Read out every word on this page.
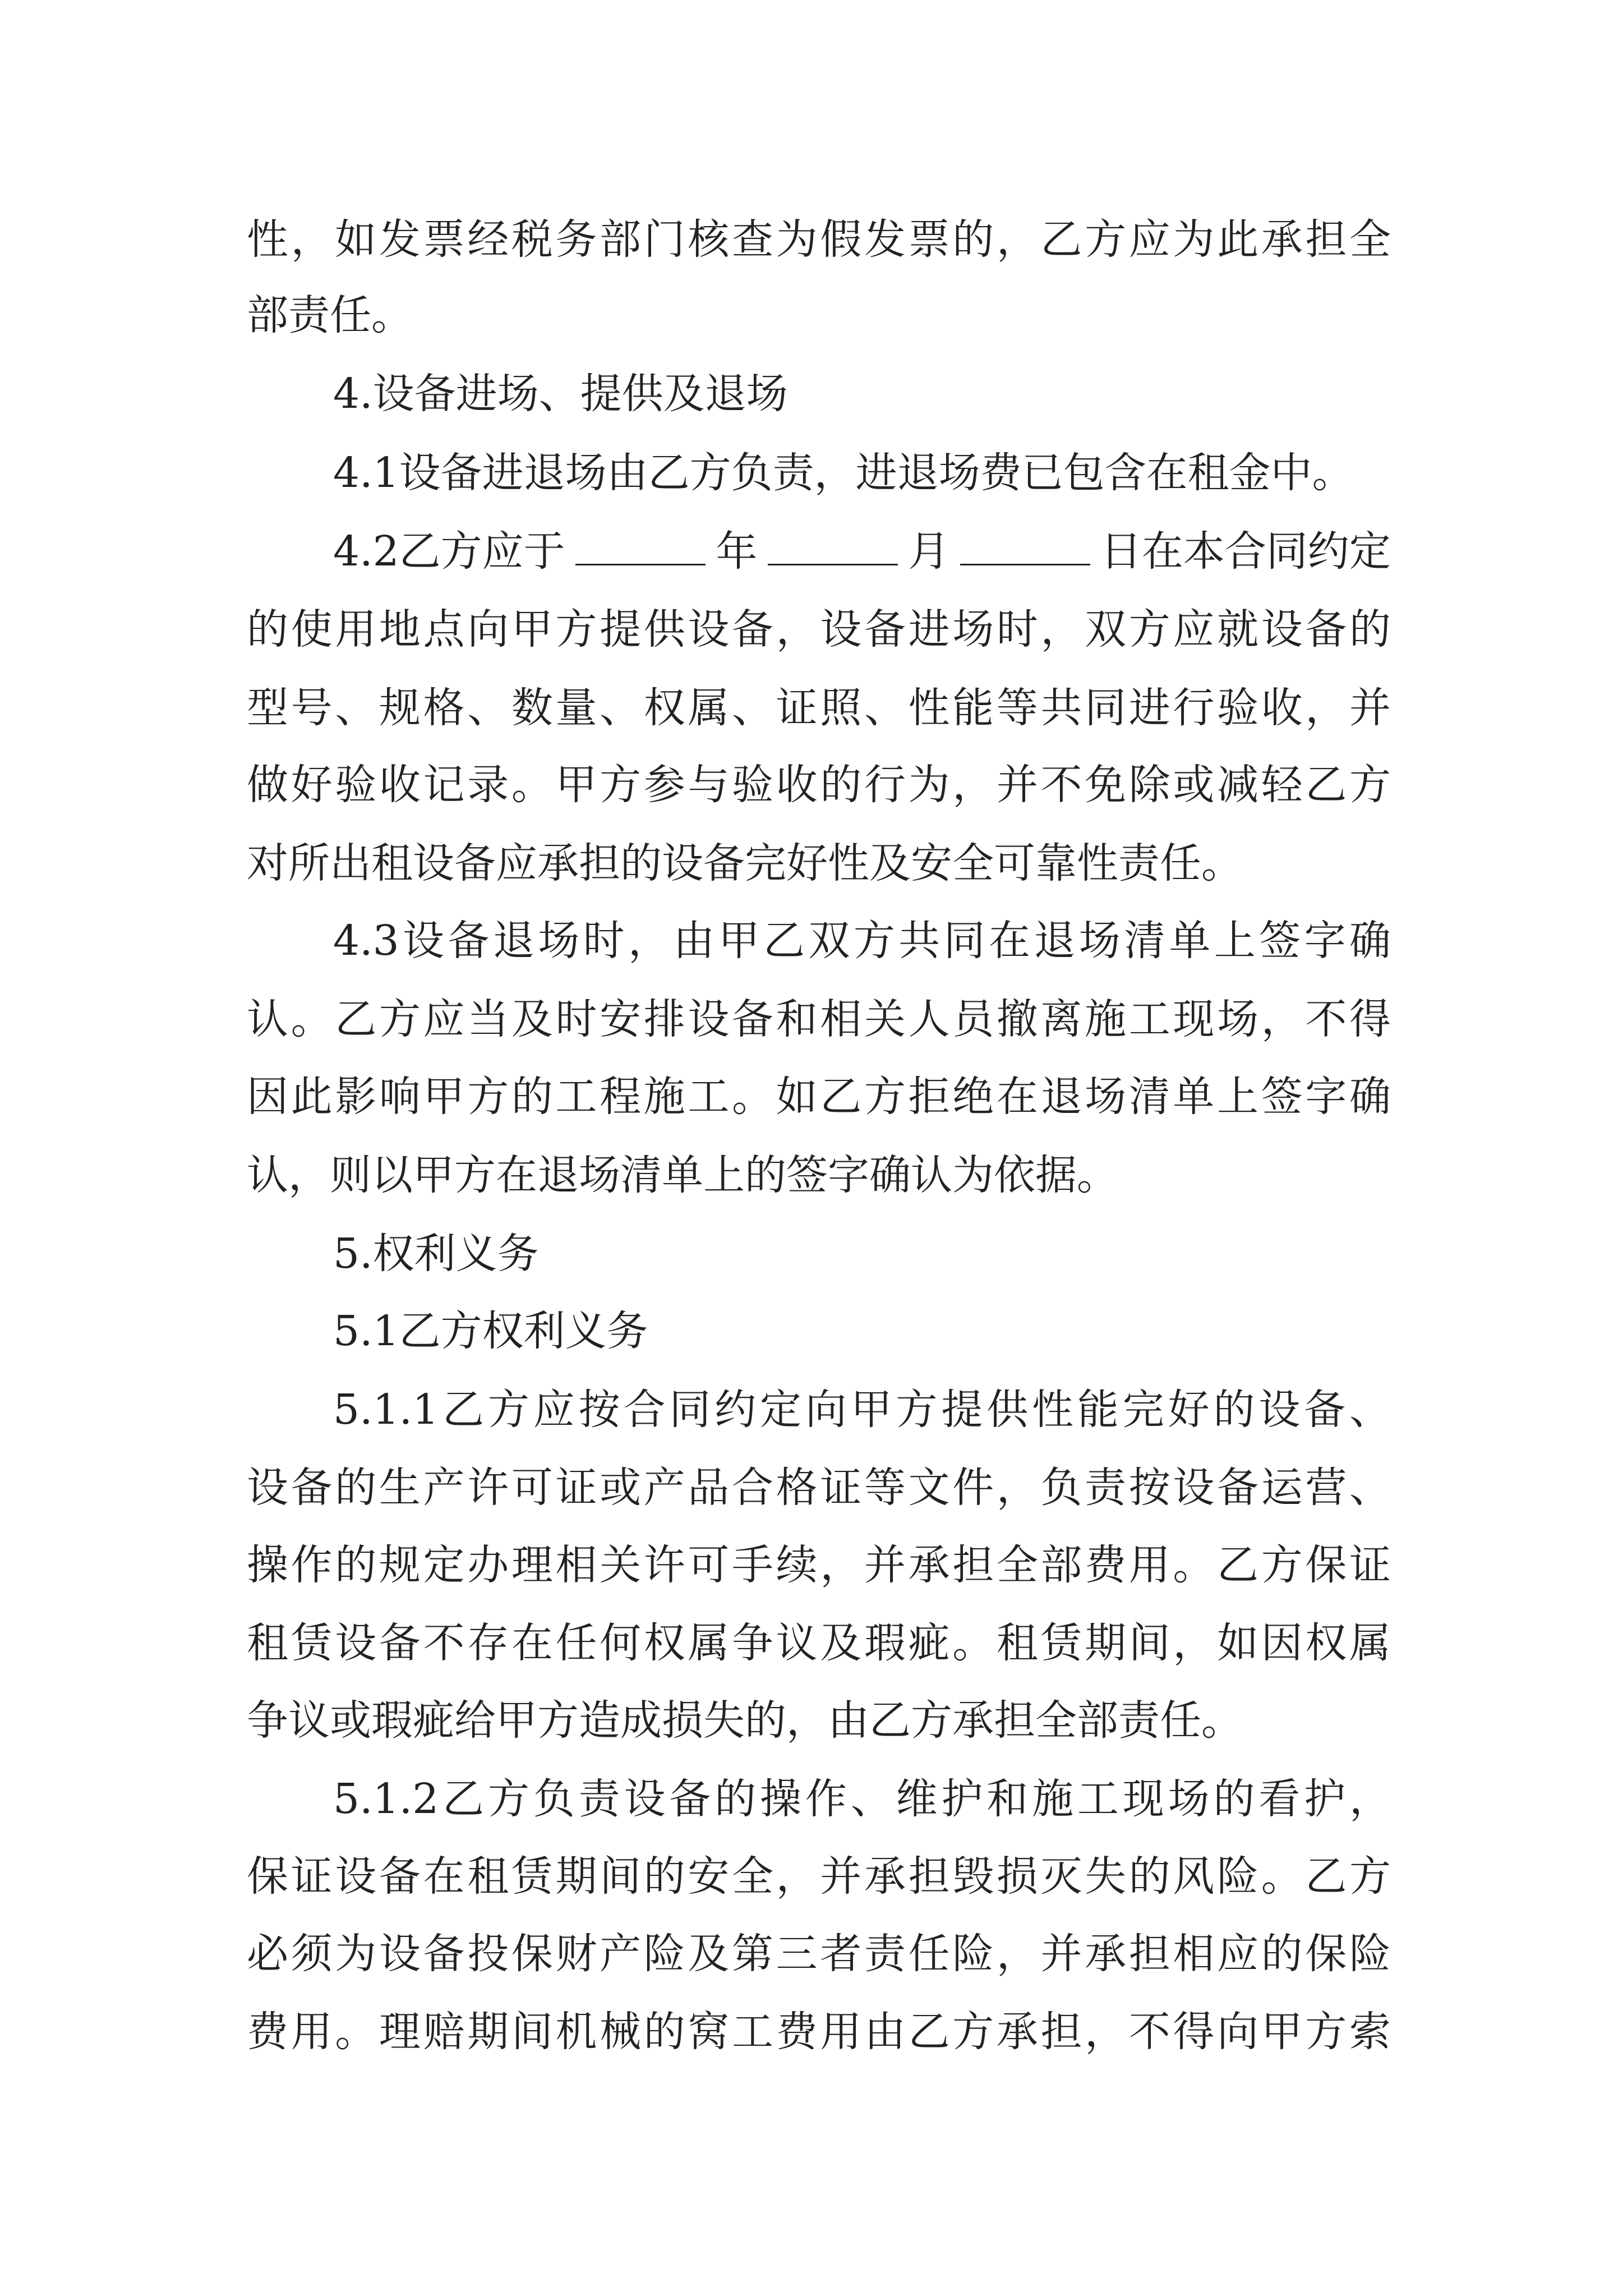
性，如发票经税务部门核查为假发票的，乙方应为此承担全
部责任。
4.设备进场、提供及退场
4.1设备进退场由乙方负责，进退场费已包含在租金中。
4.2乙方应于	年	月	日在本合同约定
的使用地点向甲方提供设备，设备进场时，双方应就设备的
型号、规格、数量、权属、证照、性能等共同进行验收，并
做好验收记录。甲方参与验收的行为，并不免除或减轻乙方
对所出租设备应承担的设备完好性及安全可靠性责任。
4.3设备退场时，由甲乙双方共同在退场清单上签字确
认。乙方应当及时安排设备和相关人员撤离施工现场，不得
因此影响甲方的工程施工。如乙方拒绝在退场清单上签字确
认，则以甲方在退场清单上的签字确认为依据。
5.权利义务
5.1乙方权利义务
5.1.1乙方应按合同约定向甲方提供性能完好的设备、
设备的生产许可证或产品合格证等文件，负责按设备运营、
操作的规定办理相关许可手续，并承担全部费用。乙方保证
租赁设备不存在任何权属争议及瑕疵。租赁期间，如因权属
争议或瑕疵给甲方造成损失的，由乙方承担全部责任。
5.1.2乙方负责设备的操作、维护和施工现场的看护，
保证设备在租赁期间的安全，并承担毁损灭失的风险。乙方
必须为设备投保财产险及第三者责任险，并承担相应的保险
费用。理赔期间机械的窝工费用由乙方承担，不得向甲方索
